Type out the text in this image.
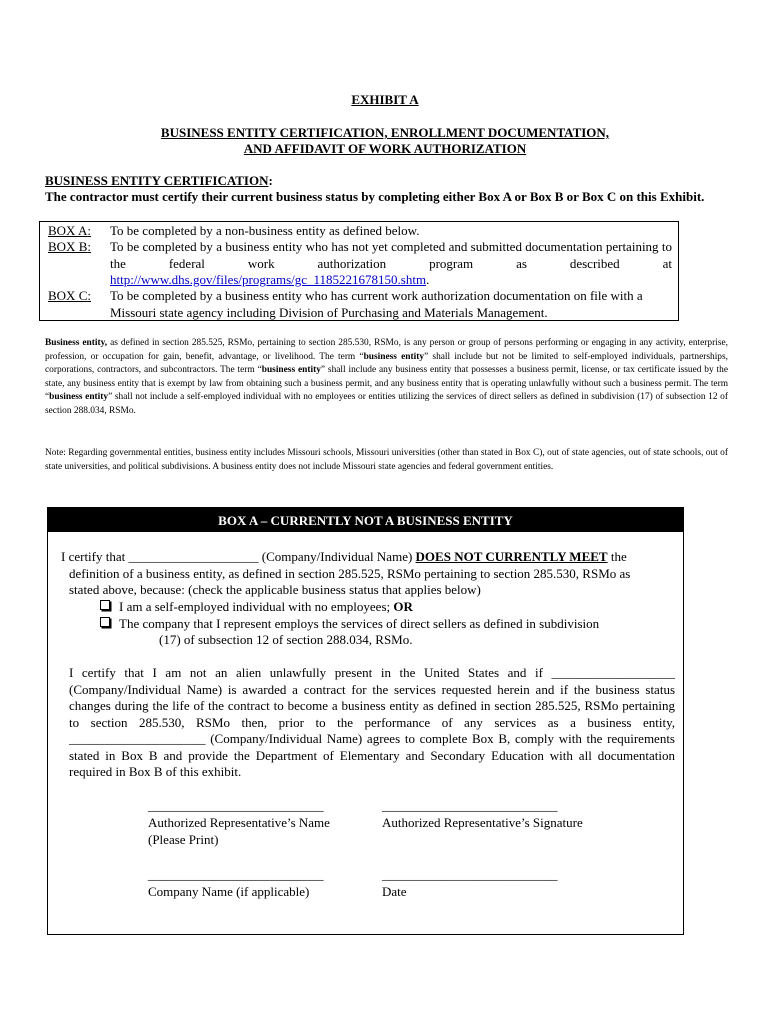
EXHIBIT A
BUSINESS ENTITY CERTIFICATION, ENROLLMENT DOCUMENTATION,
AND AFFIDAVIT OF WORK AUTHORIZATION
BUSINESS ENTITY CERTIFICATION:
The contractor must certify their current business status by completing either Box A or Box B or Box C on this Exhibit.
BOX A:	To be completed by a non-business entity as defined below.
BOX B:	To be completed by a business entity who has not yet completed and submitted documentation pertaining to the federal work authorization program as described at http://www.dhs.gov/files/programs/gc_1185221678150.shtm.
BOX C:	To be completed by a business entity who has current work authorization documentation on file with a Missouri state agency including Division of Purchasing and Materials Management.
Business entity, as defined in section 285.525, RSMo, pertaining to section 285.530, RSMo, is any person or group of persons performing or engaging in any activity, enterprise, profession, or occupation for gain, benefit, advantage, or livelihood. The term “business entity” shall include but not be limited to self-employed individuals, partnerships, corporations, contractors, and subcontractors. The term “business entity” shall include any business entity that possesses a business permit, license, or tax certificate issued by the state, any business entity that is exempt by law from obtaining such a business permit, and any business entity that is operating unlawfully without such a business permit. The term “business entity” shall not include a self-employed individual with no employees or entities utilizing the services of direct sellers as defined in subdivision (17) of subsection 12 of section 288.034, RSMo.
Note: Regarding governmental entities, business entity includes Missouri schools, Missouri universities (other than stated in Box C), out of state agencies, out of state schools, out of state universities, and political subdivisions. A business entity does not include Missouri state agencies and federal government entities.
BOX A – CURRENTLY NOT A BUSINESS ENTITY
I certify that ____________________ (Company/Individual Name) DOES NOT CURRENTLY MEET the
definition of a business entity, as defined in section 285.525, RSMo pertaining to section 285.530, RSMo as
stated above, because: (check the applicable business status that applies below)
I am a self-employed individual with no employees; OR
The company that I represent employs the services of direct sellers as defined in subdivision
(17) of subsection 12 of section 288.034, RSMo.
I certify that I am not an alien unlawfully present in the United States and if ___________________ (Company/Individual Name) is awarded a contract for the services requested herein and if the business status changes during the life of the contract to become a business entity as defined in section 285.525, RSMo pertaining to section 285.530, RSMo then, prior to the performance of any services as a business entity, _____________________ (Company/Individual Name) agrees to complete Box B, comply with the requirements stated in Box B and provide the Department of Elementary and Secondary Education with all documentation required in Box B of this exhibit.
___________________________
Authorized Representative’s Name
(Please Print)
___________________________
Authorized Representative’s Signature
___________________________
Company Name (if applicable)
___________________________
Date
